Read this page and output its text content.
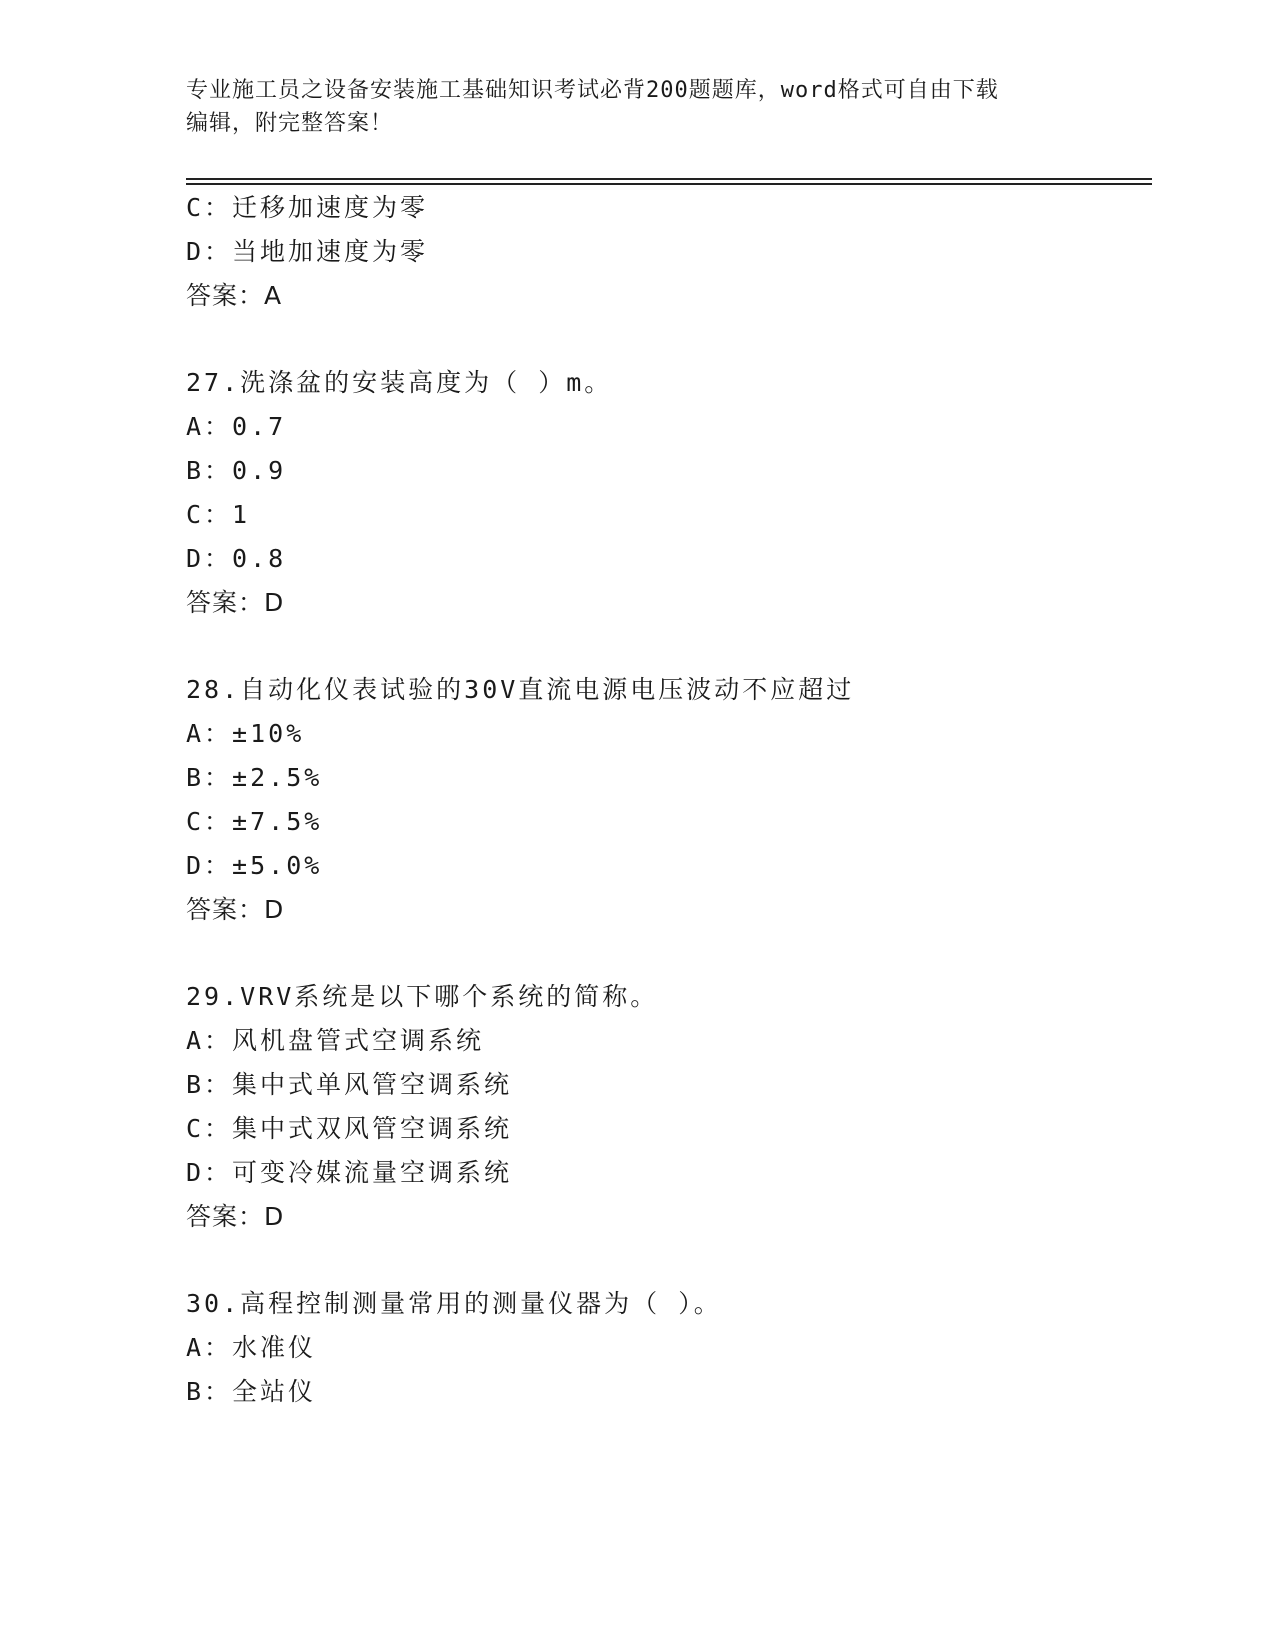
专业施工员之设备安装施工基础知识考试必背200题题库，word格式可自由下载
编辑，附完整答案！
C：迁移加速度为零
D：当地加速度为零
答案：A
27.洗涤盆的安装高度为（ ）m。
A：0.7
B：0.9
C：1
D：0.8
答案：D
28.自动化仪表试验的30V直流电源电压波动不应超过
A：±10%
B：±2.5%
C：±7.5%
D：±5.0%
答案：D
29.VRV系统是以下哪个系统的简称。
A：风机盘管式空调系统
B：集中式单风管空调系统
C：集中式双风管空调系统
D：可变冷媒流量空调系统
答案：D
30.高程控制测量常用的测量仪器为（ ）。
A：水准仪
B：全站仪
